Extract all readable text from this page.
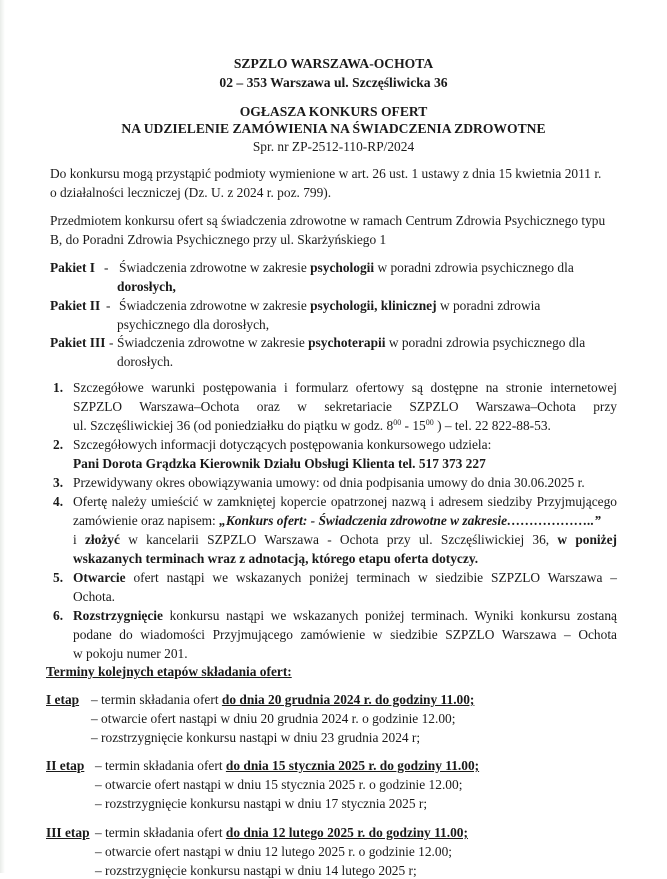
SZPZLO WARSZAWA-OCHOTA
02 – 353 Warszawa ul. Szczęśliwicka 36
OGŁASZA KONKURS OFERT
NA UDZIELENIE ZAMÓWIENIA NA ŚWIADCZENIA ZDROWOTNE
Spr. nr ZP-2512-110-RP/2024
Do konkursu mogą przystąpić podmioty wymienione w art. 26 ust. 1 ustawy z dnia 15 kwietnia 2011 r.
o działalności leczniczej (Dz. U. z 2024 r. poz. 799).
Przedmiotem konkursu ofert są świadczenia zdrowotne w ramach Centrum Zdrowia Psychicznego typu
B, do Poradni Zdrowia Psychicznego przy ul. Skarżyńskiego 1
Pakiet I - Świadczenia zdrowotne w zakresie psychologii w poradni zdrowia psychicznego dla
dorosłych,
Pakiet II - Świadczenia zdrowotne w zakresie psychologii, klinicznej w poradni zdrowia
psychicznego dla dorosłych,
Pakiet III - Świadczenia zdrowotne w zakresie psychoterapii w poradni zdrowia psychicznego dla
dorosłych.
1. Szczegółowe warunki postępowania i formularz ofertowy są dostępne na stronie internetowej
SZPZLO Warszawa–Ochota oraz w sekretariacie SZPZLO Warszawa–Ochota przy
ul. Szczęśliwickiej 36 (od poniedziałku do piątku w godz. $8^{00} - 15^{00}$ ) – tel. 22 822-88-53.
2. Szczegółowych informacji dotyczących postępowania konkursowego udziela:
Pani Dorota Grądzka Kierownik Działu Obsługi Klienta tel. 517 373 227
3. Przewidywany okres obowiązywania umowy: od dnia podpisania umowy do dnia 30.06.2025 r.
4. Ofertę należy umieścić w zamkniętej kopercie opatrzonej nazwą i adresem siedziby Przyjmującego
zamówienie oraz napisem: „Konkurs ofert: - Świadczenia zdrowotne w zakresie………………..”
i złożyć w kancelarii SZPZLO Warszawa - Ochota przy ul. Szczęśliwickiej 36, w poniżej
wskazanych terminach wraz z adnotacją, którego etapu oferta dotyczy.
5. Otwarcie ofert nastąpi we wskazanych poniżej terminach w siedzibie SZPZLO Warszawa –
Ochota.
6. Rozstrzygnięcie konkursu nastąpi we wskazanych poniżej terminach. Wyniki konkursu zostaną
podane do wiadomości Przyjmującego zamówienie w siedzibie SZPZLO Warszawa – Ochota
w pokoju numer 201.
Terminy kolejnych etapów składania ofert:
I etap – termin składania ofert do dnia 20 grudnia 2024 r. do godziny 11.00;
– otwarcie ofert nastąpi w dniu 20 grudnia 2024 r. o godzinie 12.00;
– rozstrzygnięcie konkursu nastąpi w dniu 23 grudnia 2024 r;
II etap – termin składania ofert do dnia 15 stycznia 2025 r. do godziny 11.00;
– otwarcie ofert nastąpi w dniu 15 stycznia 2025 r. o godzinie 12.00;
– rozstrzygnięcie konkursu nastąpi w dniu 17 stycznia 2025 r;
III etap – termin składania ofert do dnia 12 lutego 2025 r. do godziny 11.00;
– otwarcie ofert nastąpi w dniu 12 lutego 2025 r. o godzinie 12.00;
– rozstrzygnięcie konkursu nastąpi w dniu 14 lutego 2025 r;
